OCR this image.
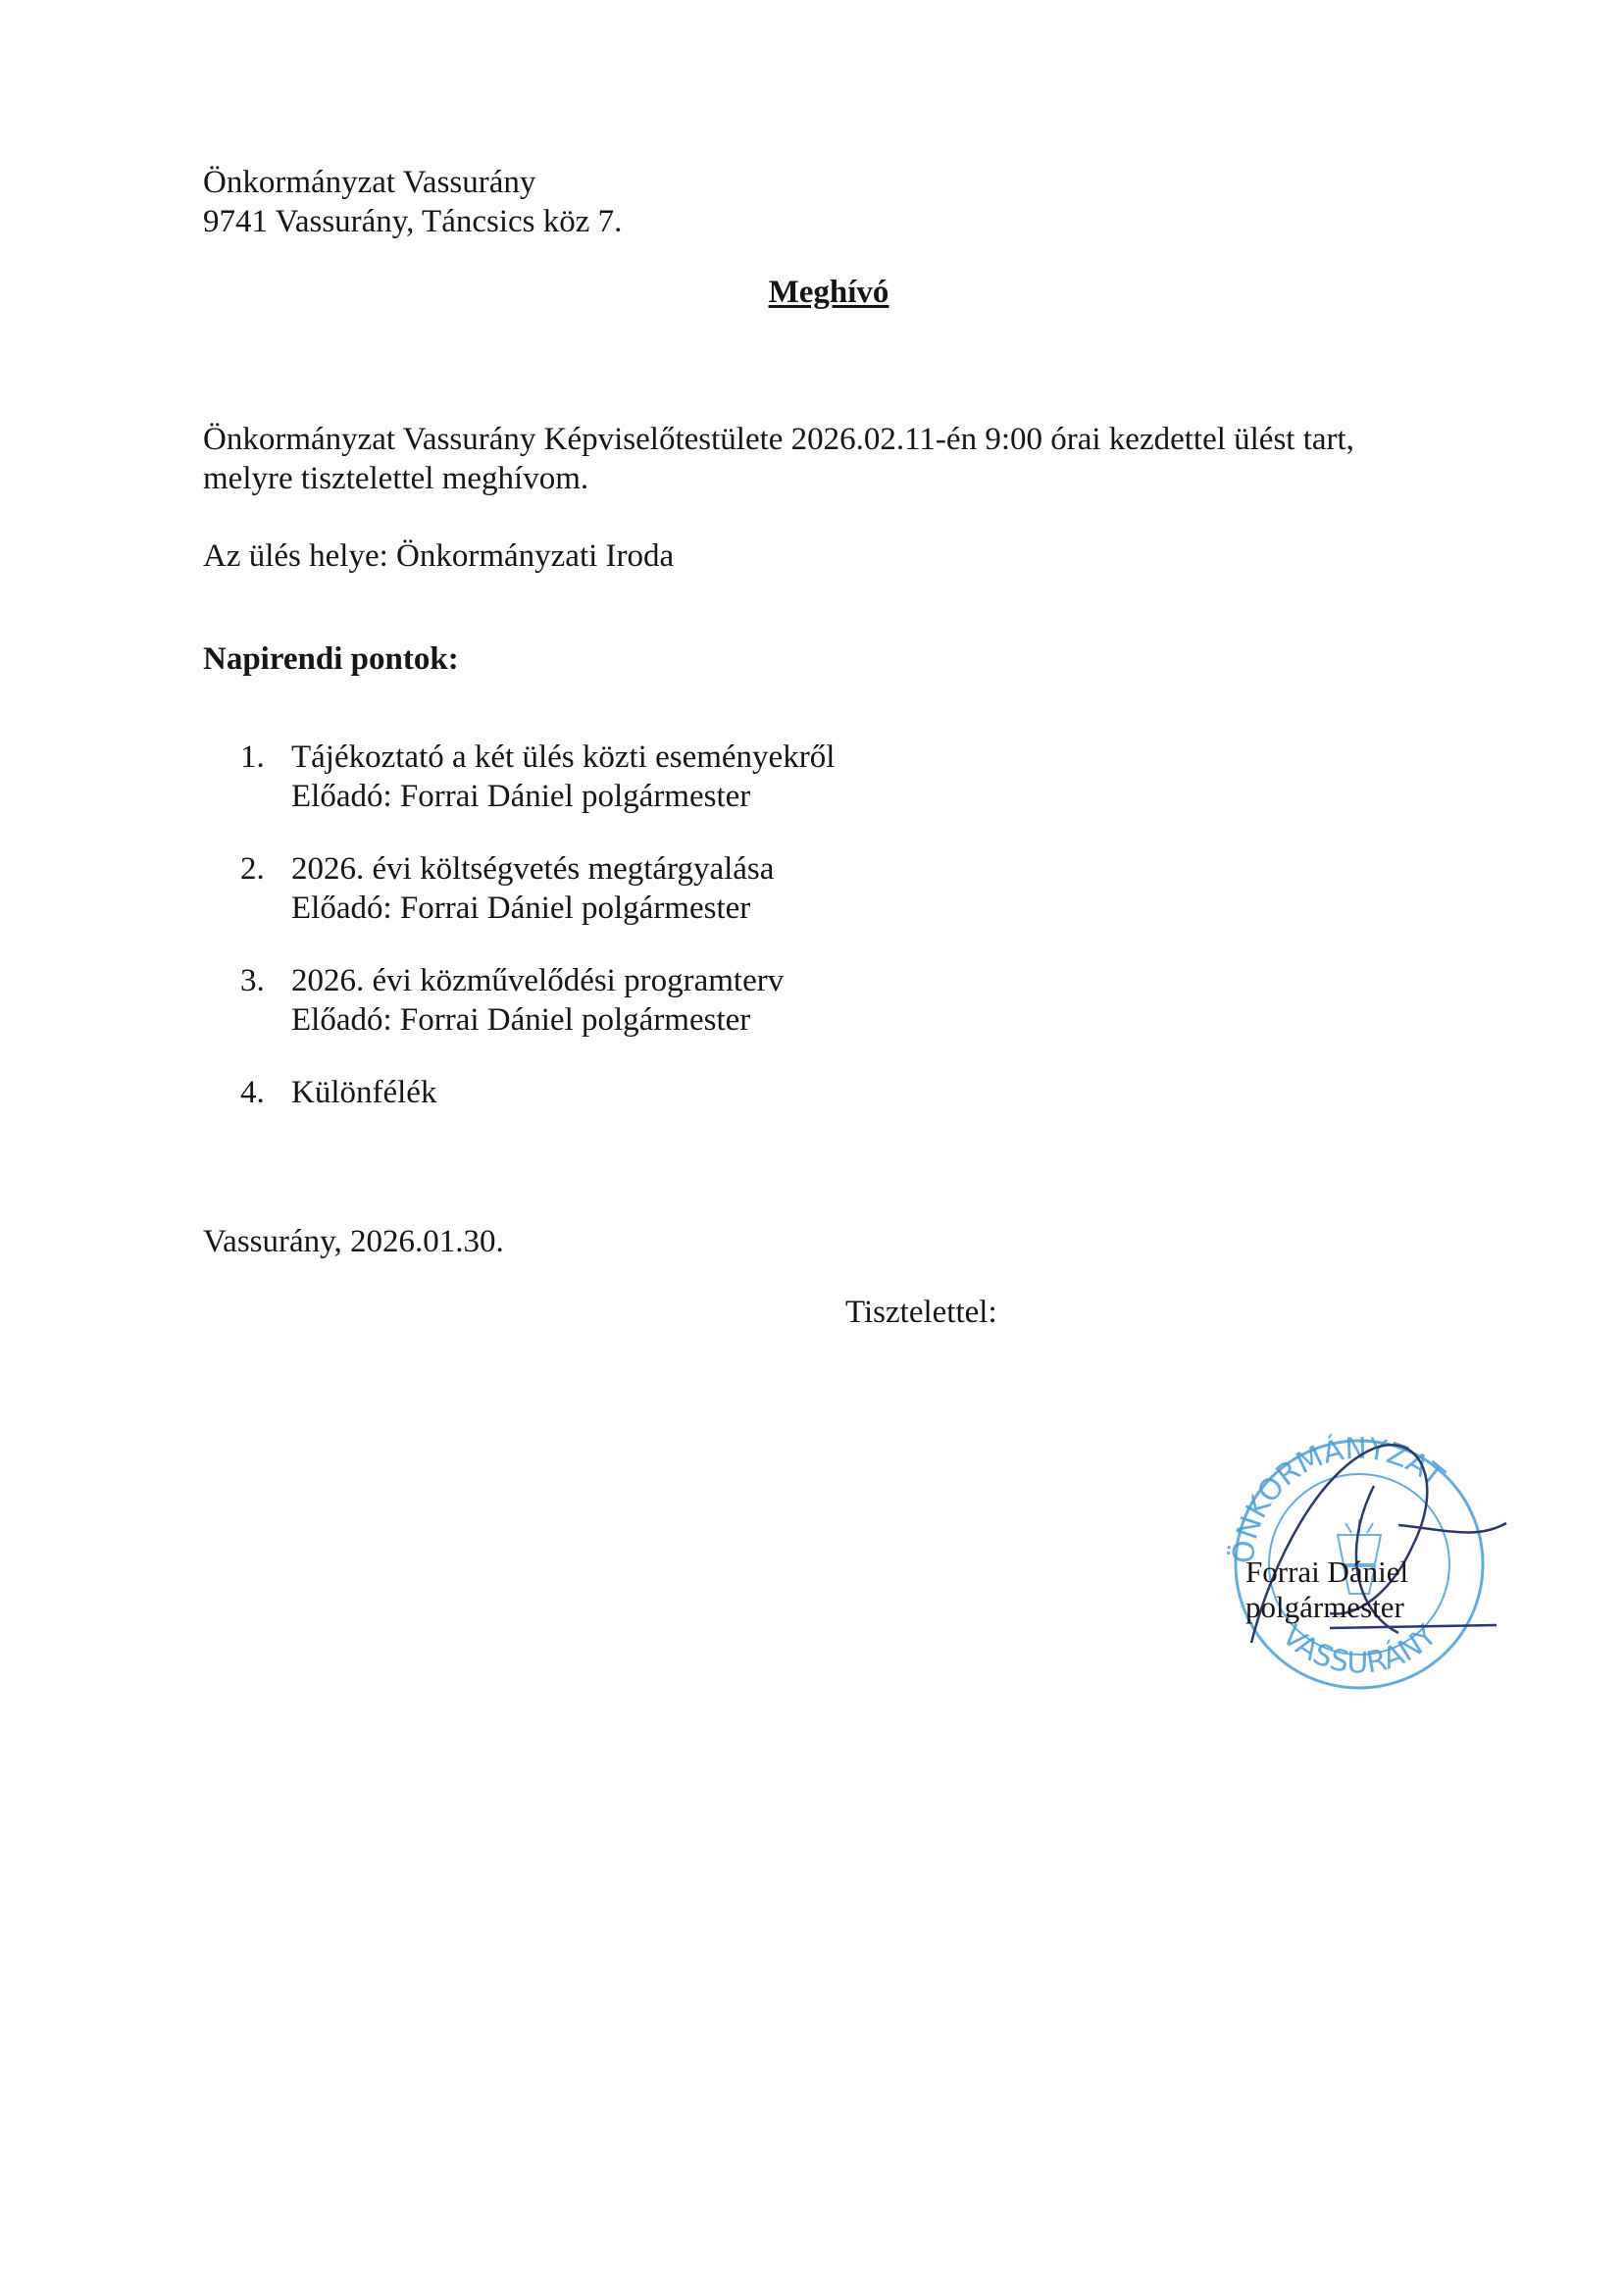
Önkormányzat Vassurány
9741 Vassurány, Táncsics köz 7.
Meghívó
Önkormányzat Vassurány Képviselőtestülete 2026.02.11-én 9:00 órai kezdettel ülést tart,
melyre tisztelettel meghívom.
Az ülés helye: Önkormányzati Iroda
Napirendi pontok:
1. Tájékoztató a két ülés közti eseményekről
Előadó: Forrai Dániel polgármester
2. 2026. évi költségvetés megtárgyalása
Előadó: Forrai Dániel polgármester
3. 2026. évi közművelődési programterv
Előadó: Forrai Dániel polgármester
4. Különfélék
Vassurány, 2026.01.30.
Tisztelettel:
ÖNKORMÁNYZAT
VASSURÁNY
Forrai Dániel
polgármester
